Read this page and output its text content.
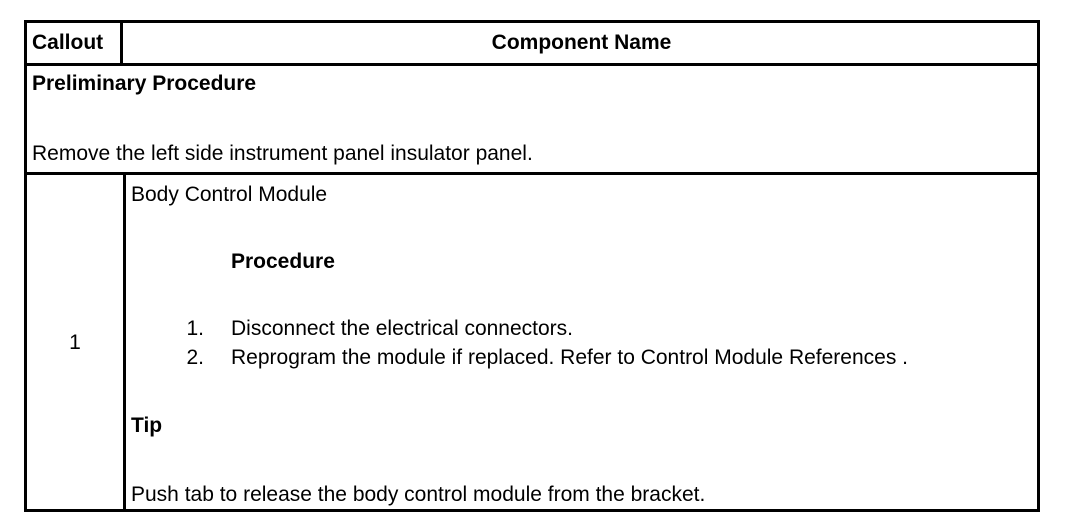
Callout	Component Name
Preliminary Procedure
Remove the left side instrument panel insulator panel.
1
Body Control Module
Procedure
1. Disconnect the electrical connectors.
2. Reprogram the module if replaced. Refer to Control Module References .
Tip
Push tab to release the body control module from the bracket.
